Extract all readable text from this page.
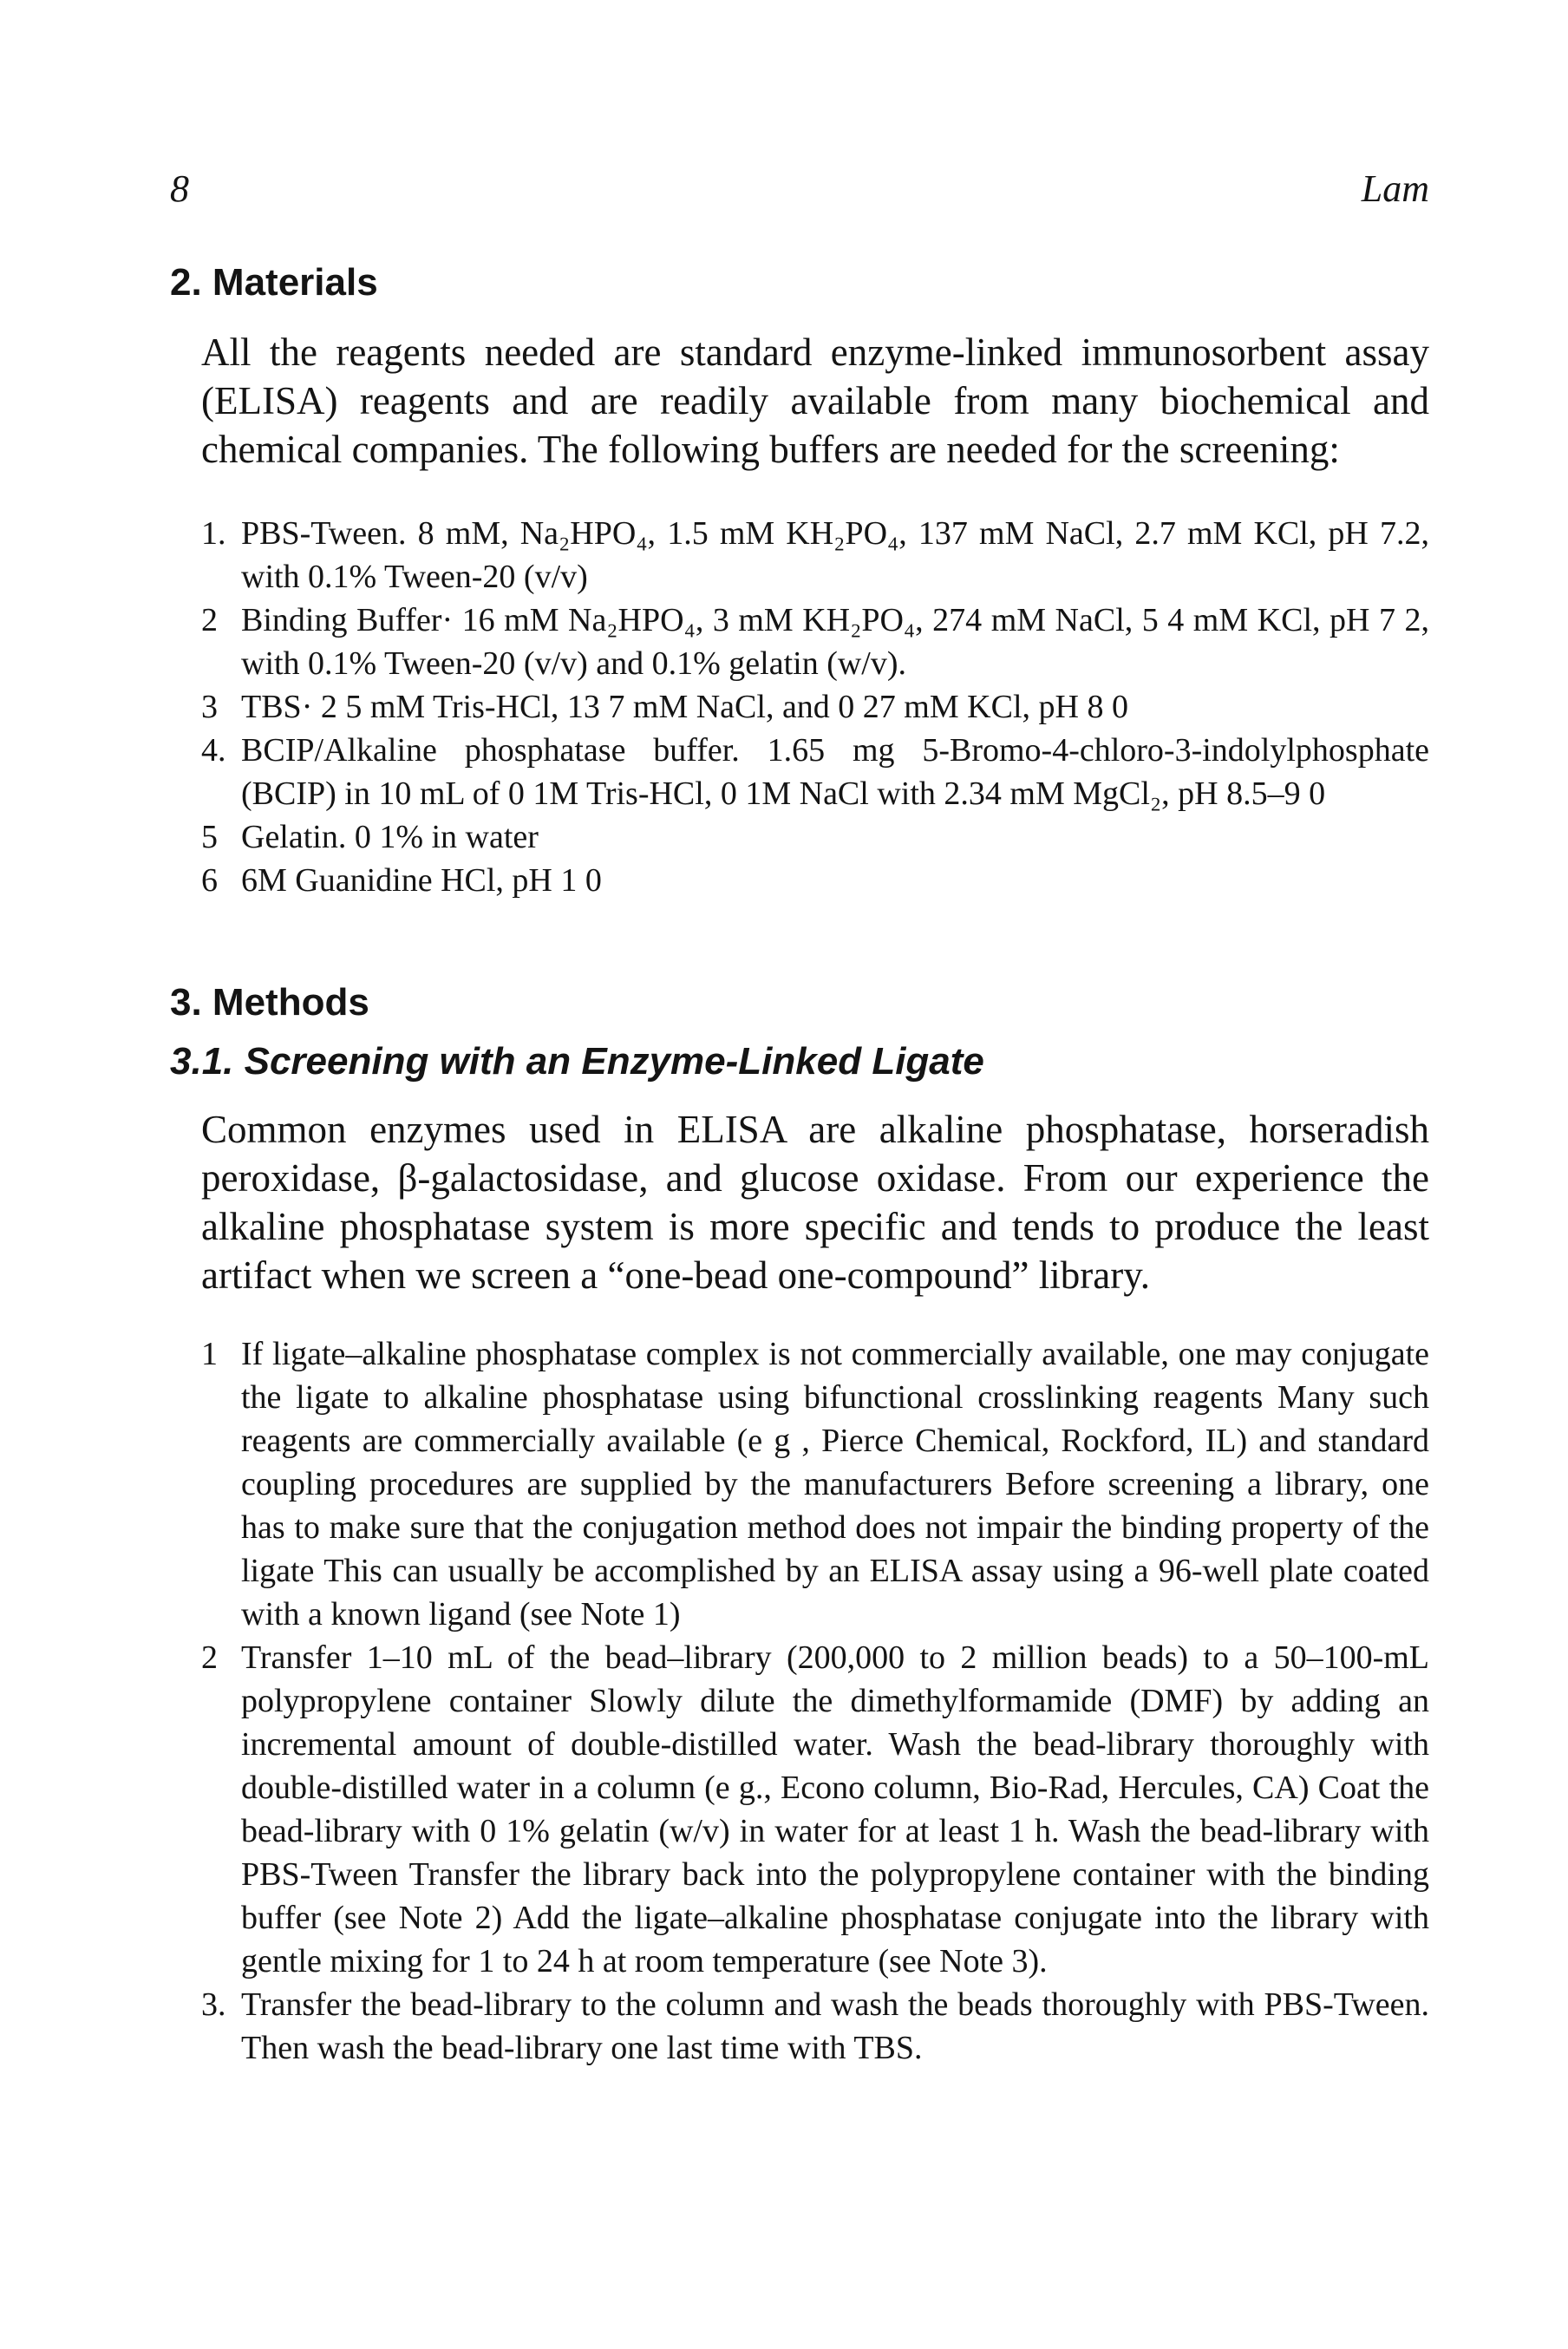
8	Lam
2. Materials

All the reagents needed are standard enzyme-linked immunosorbent assay (ELISA) reagents and are readily available from many biochemical and chemical companies. The following buffers are needed for the screening:

1. PBS-Tween. 8 mM, Na₂HPO₄, 1.5 mM KH₂PO₄, 137 mM NaCl, 2.7 mM KCl, pH 7.2, with 0.1% Tween-20 (v/v)
2 Binding Buffer· 16 mM Na₂HPO₄, 3 mM KH₂PO₄, 274 mM NaCl, 5 4 mM KCl, pH 7 2, with 0.1% Tween-20 (v/v) and 0.1% gelatin (w/v).
3 TBS· 2 5 mM Tris-HCl, 13 7 mM NaCl, and 0 27 mM KCl, pH 8 0
4. BCIP/Alkaline phosphatase buffer. 1.65 mg 5-Bromo-4-chloro-3-indolylphosphate (BCIP) in 10 mL of 0 1M Tris-HCl, 0 1M NaCl with 2.34 mM MgCl₂, pH 8.5–9 0
5 Gelatin. 0 1% in water
6 6M Guanidine HCl, pH 1 0
3. Methods
3.1. Screening with an Enzyme-Linked Ligate

Common enzymes used in ELISA are alkaline phosphatase, horseradish peroxidase, β-galactosidase, and glucose oxidase. From our experience the alkaline phosphatase system is more specific and tends to produce the least artifact when we screen a “one-bead one-compound” library.

1 If ligate–alkaline phosphatase complex is not commercially available, one may conjugate the ligate to alkaline phosphatase using bifunctional crosslinking reagents Many such reagents are commercially available (e g , Pierce Chemical, Rockford, IL) and standard coupling procedures are supplied by the manufacturers Before screening a library, one has to make sure that the conjugation method does not impair the binding property of the ligate This can usually be accomplished by an ELISA assay using a 96-well plate coated with a known ligand (see Note 1)
2 Transfer 1–10 mL of the bead–library (200,000 to 2 million beads) to a 50–100-mL polypropylene container Slowly dilute the dimethylformamide (DMF) by adding an incremental amount of double-distilled water. Wash the bead-library thoroughly with double-distilled water in a column (e g., Econo column, Bio-Rad, Hercules, CA) Coat the bead-library with 0 1% gelatin (w/v) in water for at least 1 h. Wash the bead-library with PBS-Tween Transfer the library back into the polypropylene container with the binding buffer (see Note 2) Add the ligate–alkaline phosphatase conjugate into the library with gentle mixing for 1 to 24 h at room temperature (see Note 3).
3. Transfer the bead-library to the column and wash the beads thoroughly with PBS-Tween. Then wash the bead-library one last time with TBS.
